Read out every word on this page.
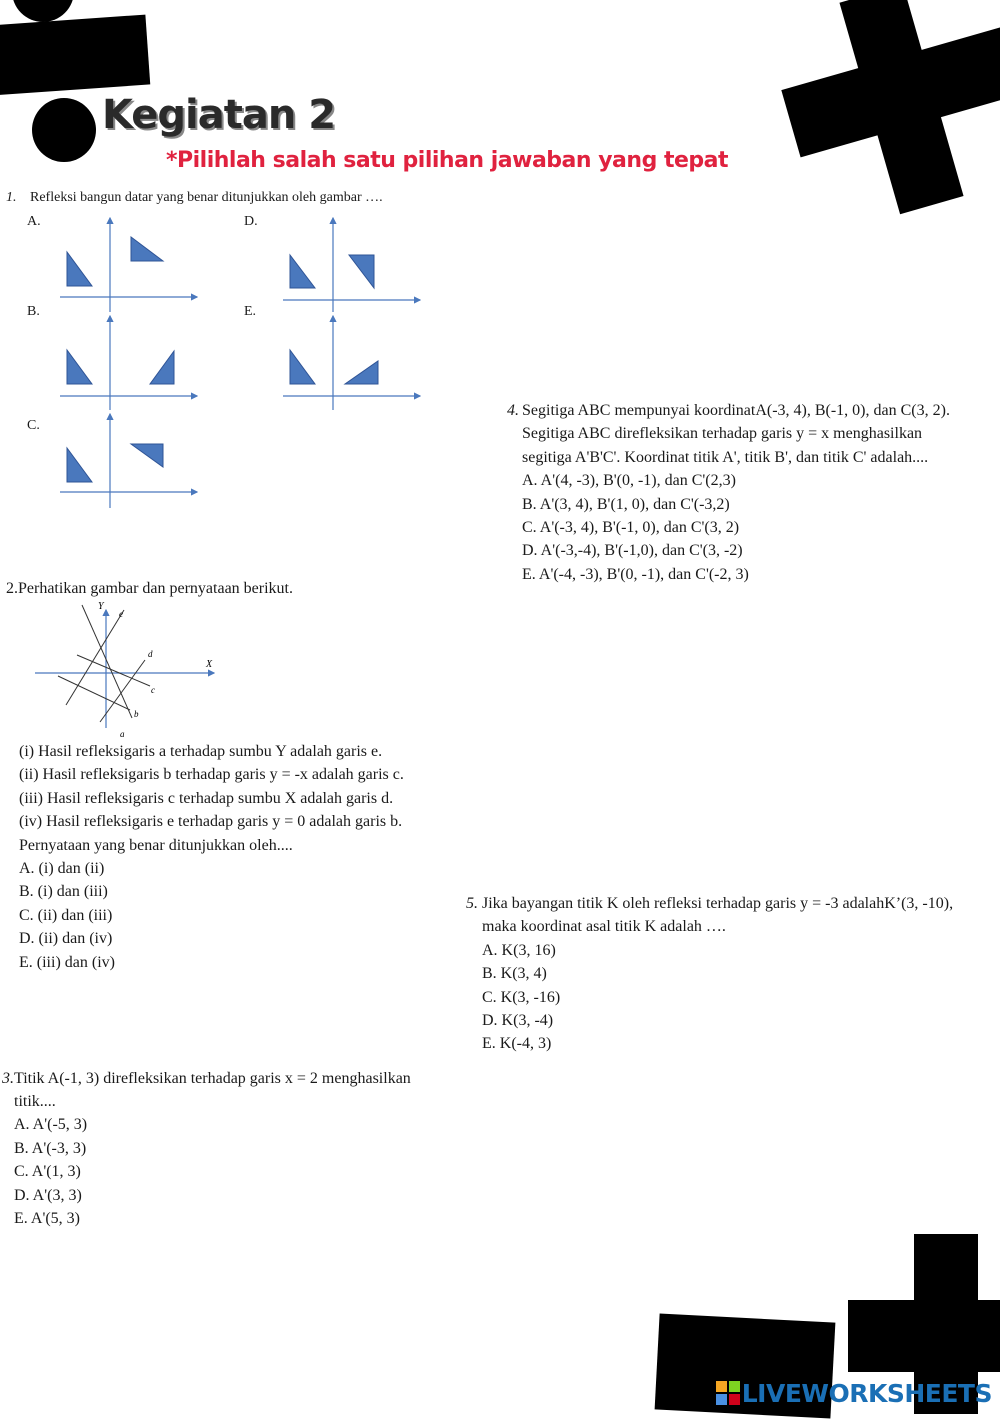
Kegiatan 2
*Pilihlah salah satu pilihan jawaban yang tepat
1. Refleksi bangun datar yang benar ditunjukkan oleh gambar ….
A.	D.
B.	E.
C.
Y
X
e
d
c
b
a
2.Perhatikan gambar dan pernyataan berikut.
(i) Hasil refleksigaris a terhadap sumbu Y adalah garis e.
(ii) Hasil refleksigaris b terhadap garis y = -x adalah garis c.
(iii) Hasil refleksigaris c terhadap sumbu X adalah garis d.
(iv) Hasil refleksigaris e terhadap garis y = 0 adalah garis b.
Pernyataan yang benar ditunjukkan oleh....
A. (i) dan (ii)
B. (i) dan (iii)
C. (ii) dan (iii)
D. (ii) dan (iv)
E. (iii) dan (iv)
3.Titik A(-1, 3) direfleksikan terhadap garis x = 2 menghasilkan
titik....
A. A'(-5, 3)
B. A'(-3, 3)
C. A'(1, 3)
D. A'(3, 3)
E. A'(5, 3)
4. Segitiga ABC mempunyai koordinatA(-3, 4), B(-1, 0), dan C(3, 2).
Segitiga ABC direfleksikan terhadap garis y = x menghasilkan
segitiga A'B'C'. Koordinat titik A', titik B', dan titik C' adalah....
A. A'(4, -3), B'(0, -1), dan C'(2,3)
B. A'(3, 4), B'(1, 0), dan C'(-3,2)
C. A'(-3, 4), B'(-1, 0), dan C'(3, 2)
D. A'(-3,-4), B'(-1,0), dan C'(3, -2)
E. A'(-4, -3), B'(0, -1), dan C'(-2, 3)
5. Jika bayangan titik K oleh refleksi terhadap garis y = -3 adalahK’(3, -10),
maka koordinat asal titik K adalah ….
A. K(3, 16)
B. K(3, 4)
C. K(3, -16)
D. K(3, -4)
E. K(-4, 3)
LIVEWORKSHEETS
